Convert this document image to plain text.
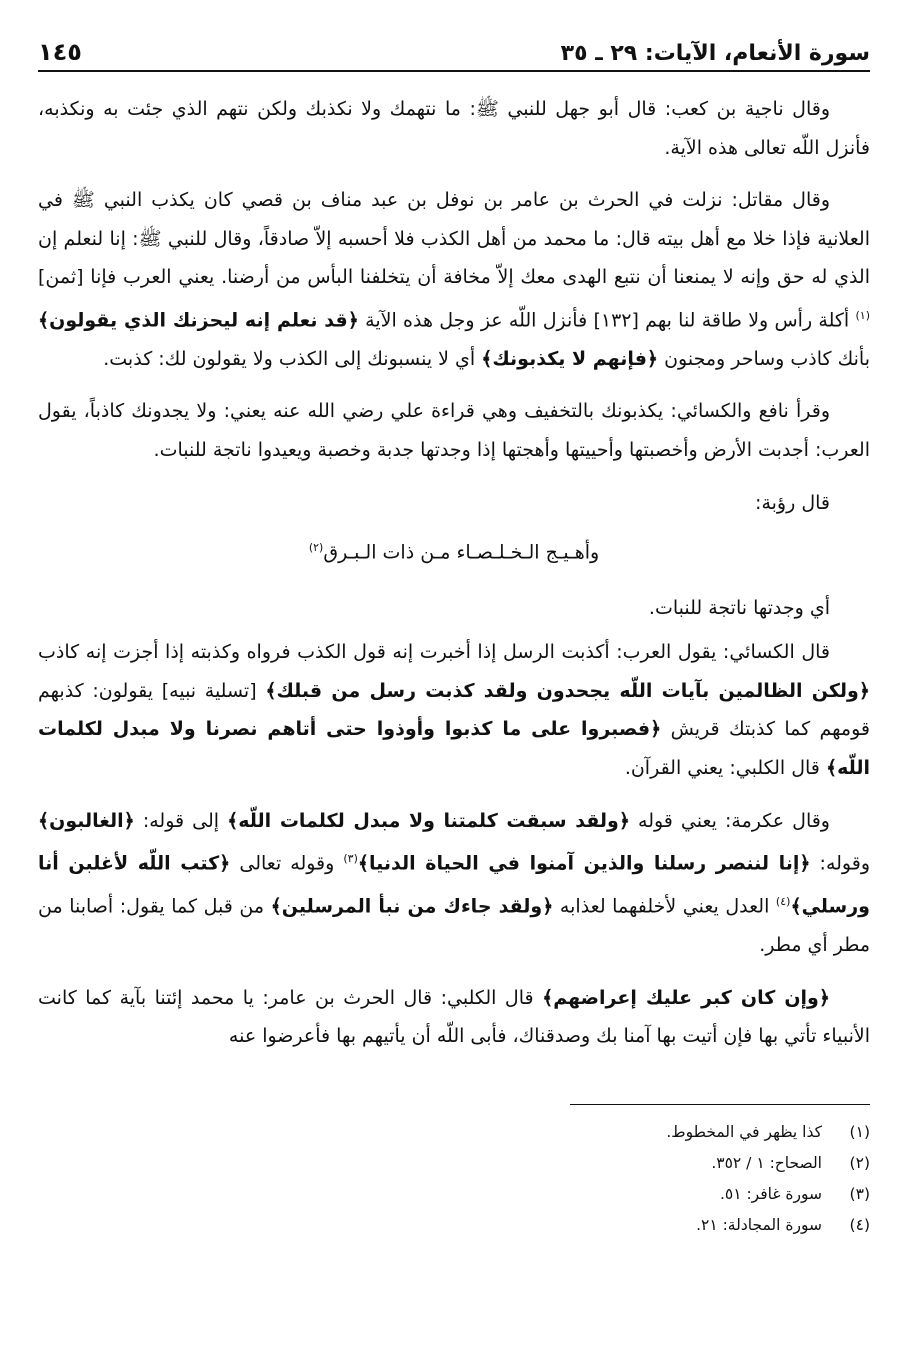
سورة الأنعام، الآيات: ٢٩ ـ ٣٥
١٤٥

وقال ناجية بن كعب: قال أبو جهل للنبي ﷺ: ما نتهمك ولا نكذبك ولكن نتهم الذي جئت به ونكذبه، فأنزل اللّه تعالى هذه الآية.

وقال مقاتل: نزلت في الحرث بن عامر بن نوفل بن عبد مناف بن قصي كان يكذب النبي ﷺ في العلانية فإذا خلا مع أهل بيته قال: ما محمد من أهل الكذب فلا أحسبه إلاّ صادقاً، وقال للنبي ﷺ: إنا لنعلم إن الذي له حق وإنه لا يمنعنا أن نتبع الهدى معك إلاّ مخافة أن يتخلفنا البأس من أرضنا. يعني العرب فإنا [ثمن]$^{(١)}$ أكلة رأس ولا طاقة لنا بهم [١٣٢] فأنزل اللّه عز وجل هذه الآية ﴿قد نعلم إنه ليحزنك الذي يقولون﴾ بأنك كاذب وساحر ومجنون ﴿فإنهم لا يكذبونك﴾ أي لا ينسبونك إلى الكذب ولا يقولون لك: كذبت.

وقرأ نافع والكسائي: يكذبونك بالتخفيف وهي قراءة علي رضي الله عنه يعني: ولا يجدونك كاذباً، يقول العرب: أجدبت الأرض وأخصبتها وأحييتها وأهجتها إذا وجدتها جدبة وخصبة ويعيدوا ناتجة للنبات.

قال رؤبة:

وأهـيـج الـخـلـصـاء مـن ذات الـبـرق$^{(٢)}$

أي وجدتها ناتجة للنبات.

قال الكسائي: يقول العرب: أكذبت الرسل إذا أخبرت إنه قول الكذب فرواه وكذبته إذا أجزت إنه كاذب ﴿ولكن الظالمين بآيات اللّه يجحدون ولقد كذبت رسل من قبلك﴾ [تسلية نبيه] يقولون: كذبهم قومهم كما كذبتك قريش ﴿فصبروا على ما كذبوا وأوذوا حتى أتاهم نصرنا ولا مبدل لكلمات اللّه﴾ قال الكلبي: يعني القرآن.

وقال عكرمة: يعني قوله ﴿ولقد سبقت كلمتنا ولا مبدل لكلمات اللّه﴾ إلى قوله: ﴿الغالبون﴾ وقوله: ﴿إنا لننصر رسلنا والذين آمنوا في الحياة الدنيا﴾$^{(٣)}$ وقوله تعالى ﴿كتب اللّه لأغلبن أنا ورسلي﴾$^{(٤)}$ العدل يعني لأخلفهما لعذابه ﴿ولقد جاءك من نبأ المرسلين﴾ من قبل كما يقول: أصابنا من مطر أي مطر.

﴿وإن كان كبر عليك إعراضهم﴾ قال الكلبي: قال الحرث بن عامر: يا محمد إئتنا بآية كما كانت الأنبياء تأتي بها فإن أتيت بها آمنا بك وصدقناك، فأبى اللّه أن يأتيهم بها فأعرضوا عنه

(١)
كذا يظهر في المخطوط.
(٢)
الصحاح: ١ / ٣٥٢.
(٣)
سورة غافر: ٥١.
(٤)
سورة المجادلة: ٢١.
